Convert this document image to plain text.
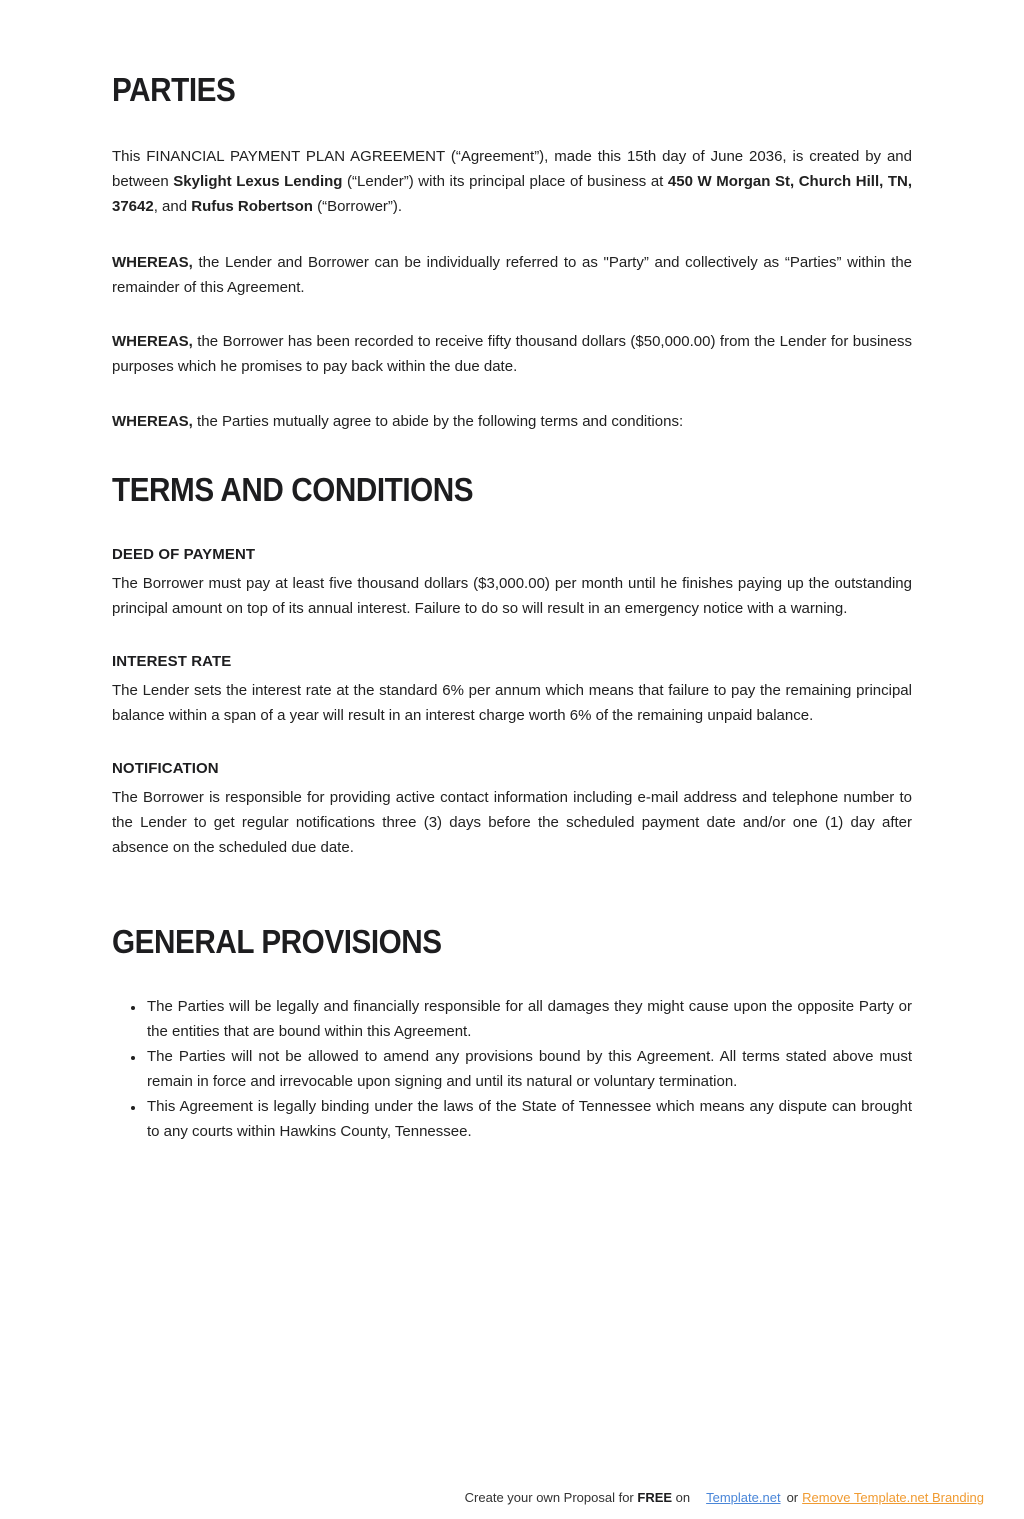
PARTIES

This FINANCIAL PAYMENT PLAN AGREEMENT (“Agreement”), made this 15th day of June 2036, is created by and between Skylight Lexus Lending (“Lender”) with its principal place of business at 450 W Morgan St, Church Hill, TN, 37642, and Rufus Robertson (“Borrower”).

WHEREAS, the Lender and Borrower can be individually referred to as "Party” and collectively as “Parties” within the remainder of this Agreement.

WHEREAS, the Borrower has been recorded to receive fifty thousand dollars ($50,000.00) from the Lender for business purposes which he promises to pay back within the due date.

WHEREAS, the Parties mutually agree to abide by the following terms and conditions:

TERMS AND CONDITIONS
DEED OF PAYMENT

The Borrower must pay at least five thousand dollars ($3,000.00) per month until he finishes paying up the outstanding principal amount on top of its annual interest. Failure to do so will result in an emergency notice with a warning.

INTEREST RATE

The Lender sets the interest rate at the standard 6% per annum which means that failure to pay the remaining principal balance within a span of a year will result in an interest charge worth 6% of the remaining unpaid balance.

NOTIFICATION

The Borrower is responsible for providing active contact information including e-mail address and telephone number to the Lender to get regular notifications three (3) days before the scheduled payment date and/or one (1) day after absence on the scheduled due date.

GENERAL PROVISIONS
• The Parties will be legally and financially responsible for all damages they might cause upon the opposite Party or the entities that are bound within this Agreement.
• The Parties will not be allowed to amend any provisions bound by this Agreement. All terms stated above must remain in force and irrevocable upon signing and until its natural or voluntary termination.
• This Agreement is legally binding under the laws of the State of Tennessee which means any dispute can brought to any courts within Hawkins County, Tennessee.
Create your own Proposal for FREE on Template.net or Remove Template.net Branding
